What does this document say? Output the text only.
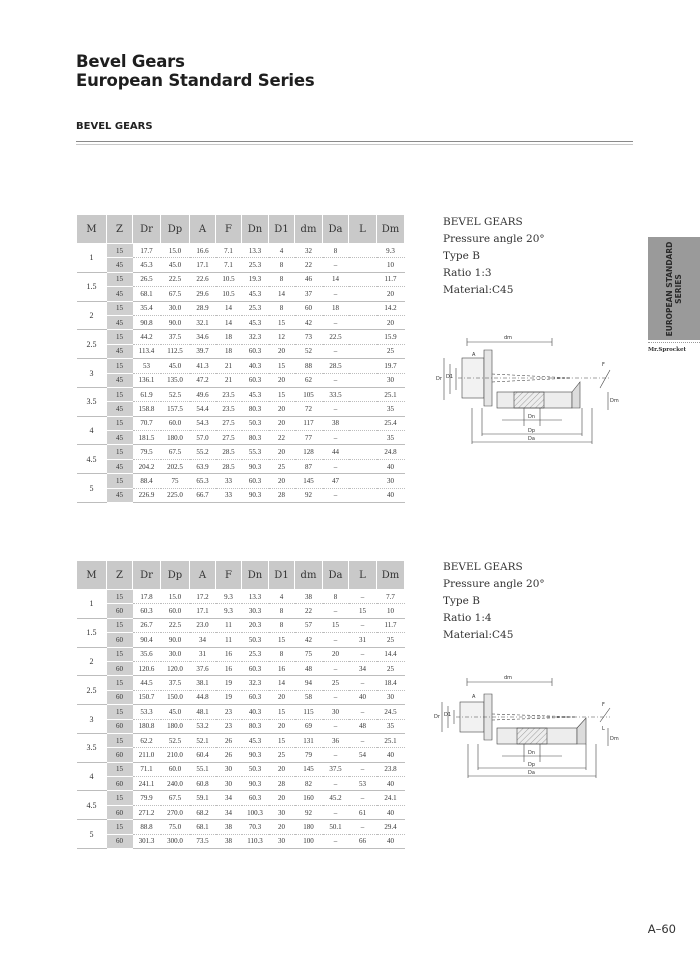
Bevel Gears
European Standard Series
BEVEL GEARS
M	Z	Dr	Dp	A	F	Dn	D1	dm	Da	L	Dm
1	15	17.7	15.0	16.6	7.1	13.3	4	32	8		9.3
	45	45.3	45.0	17.1	7.1	25.3	8	22	–		10
1.5	15	26.5	22.5	22.6	10.5	19.3	8	46	14		11.7
	45	68.1	67.5	29.6	10.5	45.3	14	37	–		20
2	15	35.4	30.0	28.9	14	25.3	8	60	18		14.2
	45	90.8	90.0	32.1	14	45.3	15	42	–		20
2.5	15	44.2	37.5	34.6	18	32.3	12	73	22.5		15.9
	45	113.4	112.5	39.7	18	60.3	20	52	–		25
3	15	53	45.0	41.3	21	40.3	15	88	28.5		19.7
	45	136.1	135.0	47.2	21	60.3	20	62	–		30
3.5	15	61.9	52.5	49.6	23.5	45.3	15	105	33.5		25.1
	45	158.8	157.5	54.4	23.5	80.3	20	72	–		35
4	15	70.7	60.0	54.3	27.5	50.3	20	117	38		25.4
	45	181.5	180.0	57.0	27.5	80.3	22	77	–		35
4.5	15	79.5	67.5	55.2	28.5	55.3	20	128	44		24.8
	45	204.2	202.5	63.9	28.5	90.3	25	87	–		40
5	15	88.4	75	65.3	33	60.3	20	145	47		30
	45	226.9	225.0	66.7	33	90.3	28	92	–		40
M	Z	Dr	Dp	A	F	Dn	D1	dm	Da	L	Dm
1	15	17.8	15.0	17.2	9.3	13.3	4	38	8	–	7.7
	60	60.3	60.0	17.1	9.3	30.3	8	22	–	15	10
1.5	15	26.7	22.5	23.0	11	20.3	8	57	15	–	11.7
	60	90.4	90.0	34	11	50.3	15	42	–	31	25
2	15	35.6	30.0	31	16	25.3	8	75	20	–	14.4
	60	120.6	120.0	37.6	16	60.3	16	48	–	34	25
2.5	15	44.5	37.5	38.1	19	32.3	14	94	25	–	18.4
	60	150.7	150.0	44.8	19	60.3	20	58	–	40	30
3	15	53.3	45.0	48.1	23	40.3	15	115	30	–	24.5
	60	180.8	180.0	53.2	23	80.3	20	69	–	48	35
3.5	15	62.2	52.5	52.1	26	45.3	15	131	36	–	25.1
	60	211.0	210.0	60.4	26	90.3	25	79	–	54	40
4	15	71.1	60.0	55.1	30	50.3	20	145	37.5	–	23.8
	60	241.1	240.0	60.8	30	90.3	28	82	–	53	40
4.5	15	79.9	67.5	59.1	34	60.3	20	160	45.2	–	24.1
	60	271.2	270.0	68.2	34	100.3	30	92	–	61	40
5	15	88.8	75.0	68.1	38	70.3	20	180	50.1	–	29.4
	60	301.3	300.0	73.5	38	110.3	30	100	–	66	40
BEVEL GEARS
Pressure angle 20°
Type B
Ratio 1:3
Material:C45
BEVEL GEARS
Pressure angle 20°
Type B
Ratio 1:4
Material:C45
dm
A
F
Dn
Dp
Da
Dm
Dr D1
dm
A
F
Dn
Dp
Da
Dm
Dr D1
L
EUROPEAN STANDARD SERIES
Mr.Sprocket
A–60
